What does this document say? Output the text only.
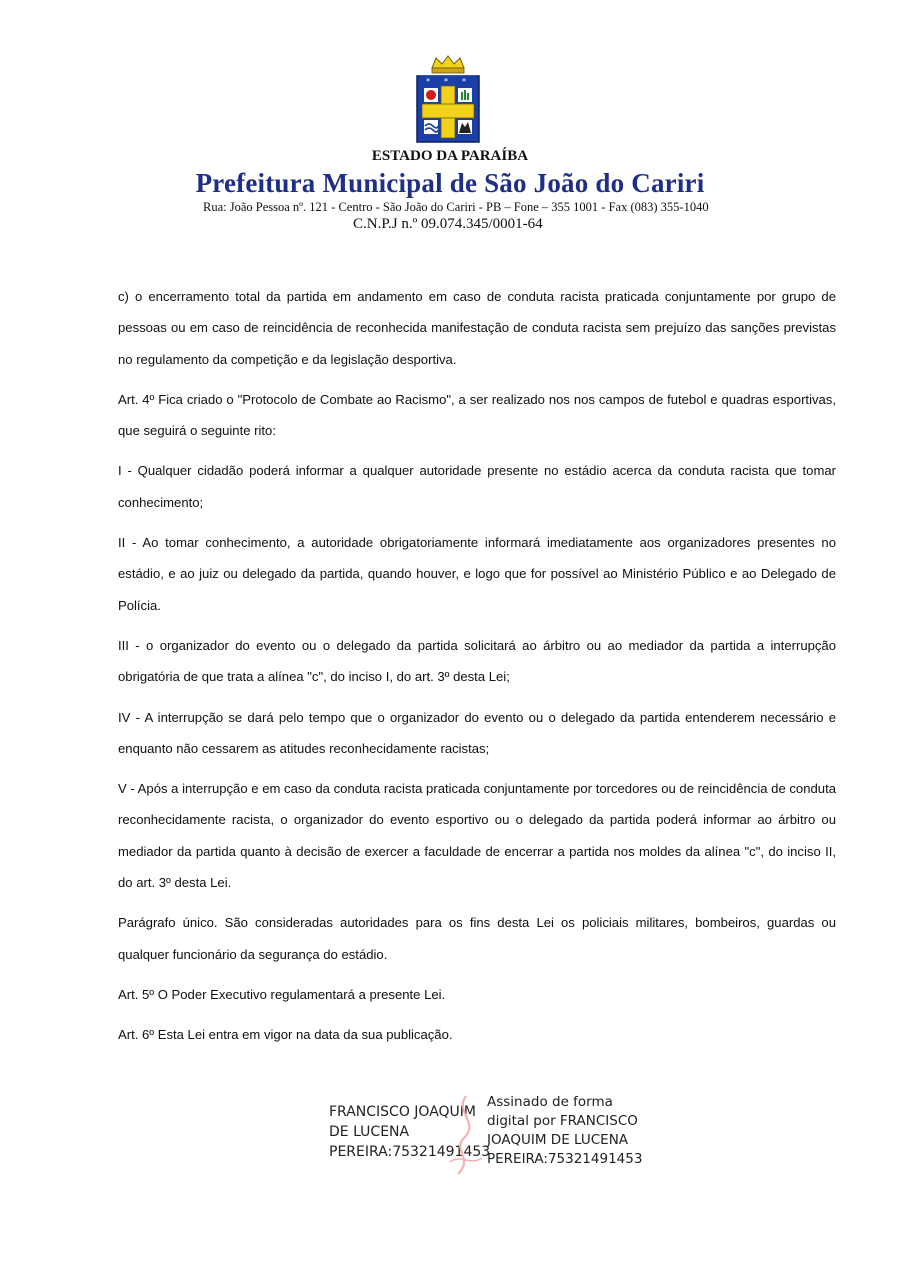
* * *
ESTADO DA PARAÍBA
Prefeitura Municipal de São João do Cariri
Rua: João Pessoa nº. 121 - Centro - São João do Cariri - PB – Fone – 355 1001 - Fax (083) 355-1040
C.N.P.J n.º 09.074.345/0001-64

c) o encerramento total da partida em andamento em caso de conduta racista praticada conjuntamente por grupo de pessoas ou em caso de reincidência de reconhecida manifestação de conduta racista sem prejuízo das sanções previstas no regulamento da competição e da legislação desportiva.

Art. 4º Fica criado o "Protocolo de Combate ao Racismo", a ser realizado nos nos campos de futebol e quadras esportivas, que seguirá o seguinte rito:

I - Qualquer cidadão poderá informar a qualquer autoridade presente no estádio acerca da conduta racista que tomar conhecimento;

II - Ao tomar conhecimento, a autoridade obrigatoriamente informará imediatamente aos organizadores presentes no estádio, e ao juiz ou delegado da partida, quando houver, e logo que for possível ao Ministério Público e ao Delegado de Polícia.

III - o organizador do evento ou o delegado da partida solicitará ao árbitro ou ao mediador da partida a interrupção obrigatória de que trata a alínea "c", do inciso I, do art. 3º desta Lei;

IV - A interrupção se dará pelo tempo que o organizador do evento ou o delegado da partida entenderem necessário e enquanto não cessarem as atitudes reconhecidamente racistas;

V - Após a interrupção e em caso da conduta racista praticada conjuntamente por torcedores ou de reincidência de conduta reconhecidamente racista, o organizador do evento esportivo ou o delegado da partida poderá informar ao árbitro ou mediador da partida quanto à decisão de exercer a faculdade de encerrar a partida nos moldes da alínea "c", do inciso II, do art. 3º desta Lei.

Parágrafo único. São consideradas autoridades para os fins desta Lei os policiais militares, bombeiros, guardas ou qualquer funcionário da segurança do estádio.

Art. 5º O Poder Executivo regulamentará a presente Lei.

Art. 6º Esta Lei entra em vigor na data da sua publicação.

FRANCISCO JOAQUIM
DE LUCENA
PEREIRA:75321491453
Assinado de forma
digital por FRANCISCO
JOAQUIM DE LUCENA
PEREIRA:75321491453
